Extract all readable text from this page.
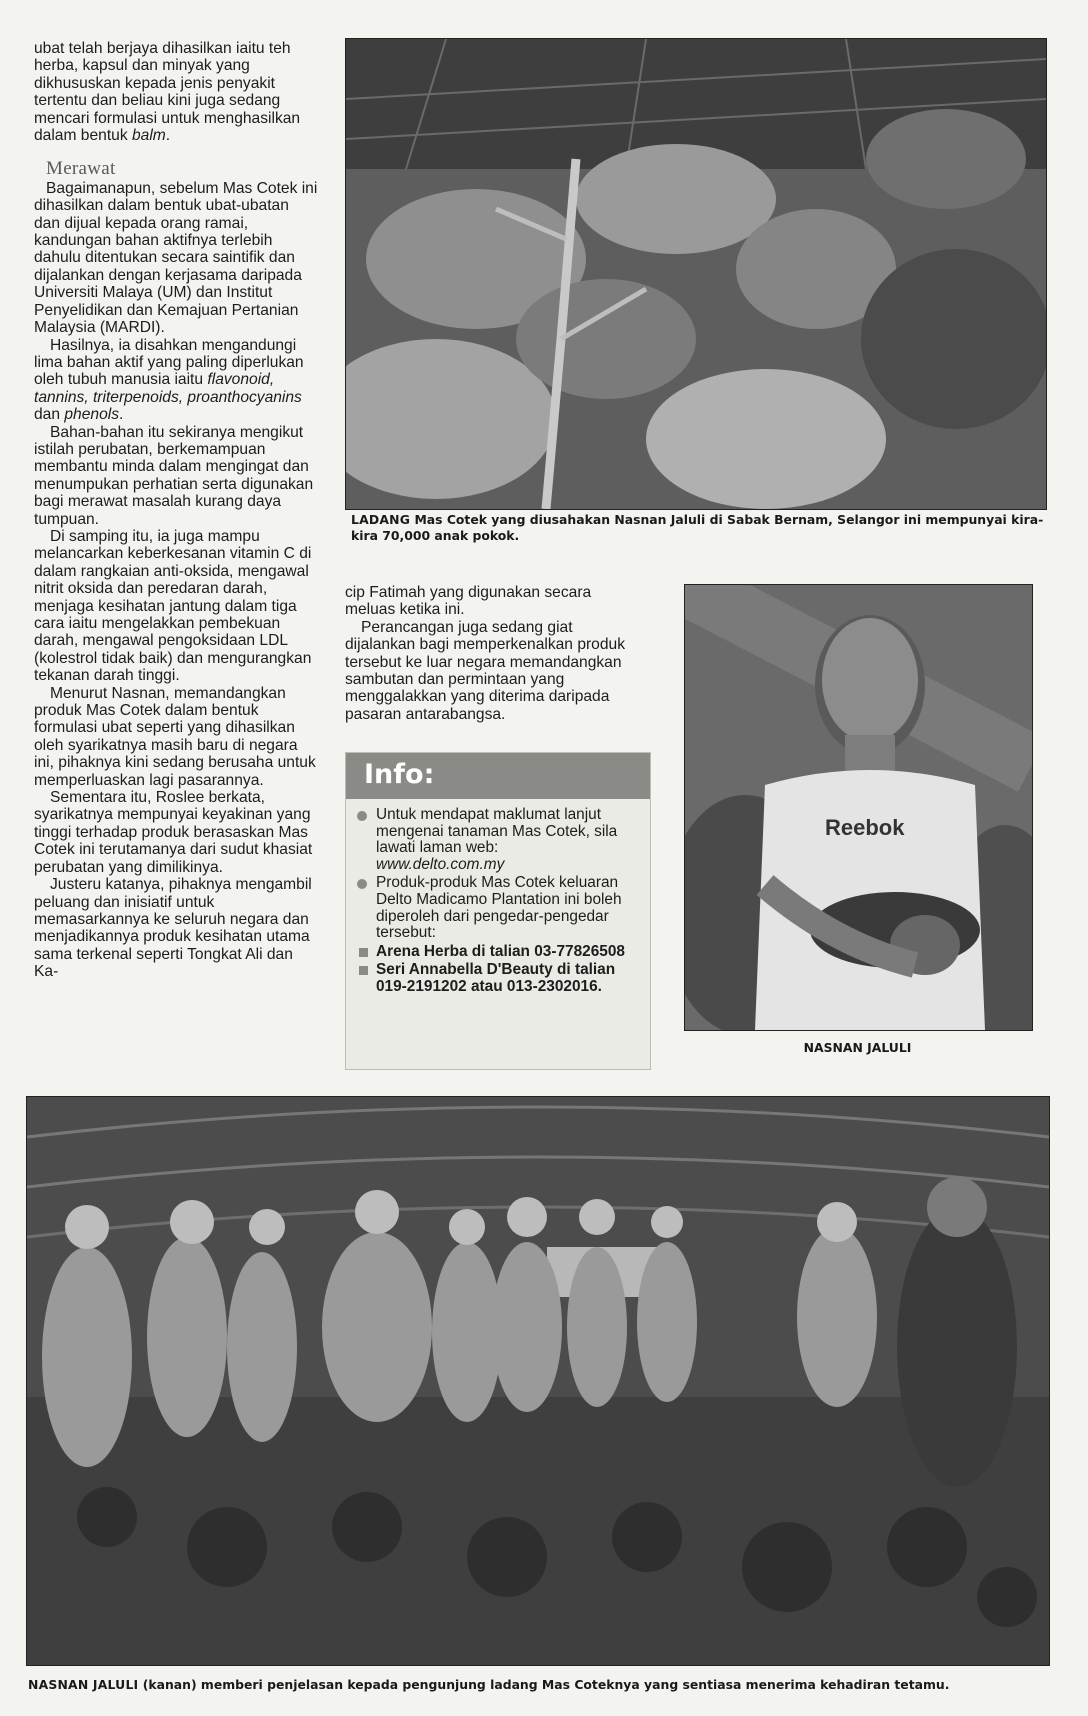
ubat telah berjaya dihasilkan iaitu teh herba, kapsul dan minyak yang dikhususkan kepada jenis penyakit tertentu dan beliau kini juga sedang mencari formulasi untuk menghasilkan dalam bentuk balm.

Merawat

Bagaimanapun, sebelum Mas Cotek ini dihasilkan dalam bentuk ubat-ubatan dan dijual kepada orang ramai, kandungan bahan aktifnya terlebih dahulu ditentukan secara saintifik dan dijalankan dengan kerjasama daripada Universiti Malaya (UM) dan Institut Penyelidikan dan Kemajuan Pertanian Malaysia (MARDI).

Hasilnya, ia disahkan mengandungi lima bahan aktif yang paling diperlukan oleh tubuh manusia iaitu flavonoid, tannins, triterpenoids, proanthocyanins dan phenols.

Bahan-bahan itu sekiranya mengikut istilah perubatan, berkemampuan membantu minda dalam mengingat dan menumpukan perhatian serta digunakan bagi merawat masalah kurang daya tumpuan.

Di samping itu, ia juga mampu melancarkan keberkesanan vitamin C di dalam rangkaian anti-oksida, mengawal nitrit oksida dan peredaran darah, menjaga kesihatan jantung dalam tiga cara iaitu mengelakkan pembekuan darah, mengawal pengoksidaan LDL (kolestrol tidak baik) dan mengurangkan tekanan darah tinggi.

Menurut Nasnan, memandangkan produk Mas Cotek dalam bentuk formulasi ubat seperti yang dihasilkan oleh syarikatnya masih baru di negara ini, pihaknya kini sedang berusaha untuk memperluaskan lagi pasarannya.

Sementara itu, Roslee berkata, syarikatnya mempunyai keyakinan yang tinggi terhadap produk berasaskan Mas Cotek ini terutamanya dari sudut khasiat perubatan yang dimilikinya.

Justeru katanya, pihaknya mengambil peluang dan inisiatif untuk memasarkannya ke seluruh negara dan menjadikannya produk kesihatan utama sama terkenal seperti Tongkat Ali dan Ka-

LADANG Mas Cotek yang diusahakan Nasnan Jaluli di Sabak Bernam, Selangor ini mempunyai kira-kira 70,000 anak pokok.

cip Fatimah yang digunakan secara meluas ketika ini.

Perancangan juga sedang giat dijalankan bagi memperkenalkan produk tersebut ke luar negara memandangkan sambutan dan permintaan yang menggalakkan yang diterima daripada pasaran antarabangsa.

Info:
Untuk mendapat maklumat lanjut mengenai tanaman Mas Cotek, sila lawati laman web:
www.delto.com.my
Produk-produk Mas Cotek keluaran Delto Madicamo Plantation ini boleh diperoleh dari pengedar-pengedar tersebut:
Arena Herba di talian 03-77826508
Seri Annabella D'Beauty di talian 019-2191202 atau 013-2302016.
Reebok
NASNAN JALULI
NASNAN JALULI (kanan) memberi penjelasan kepada pengunjung ladang Mas Coteknya yang sentiasa menerima kehadiran tetamu.
